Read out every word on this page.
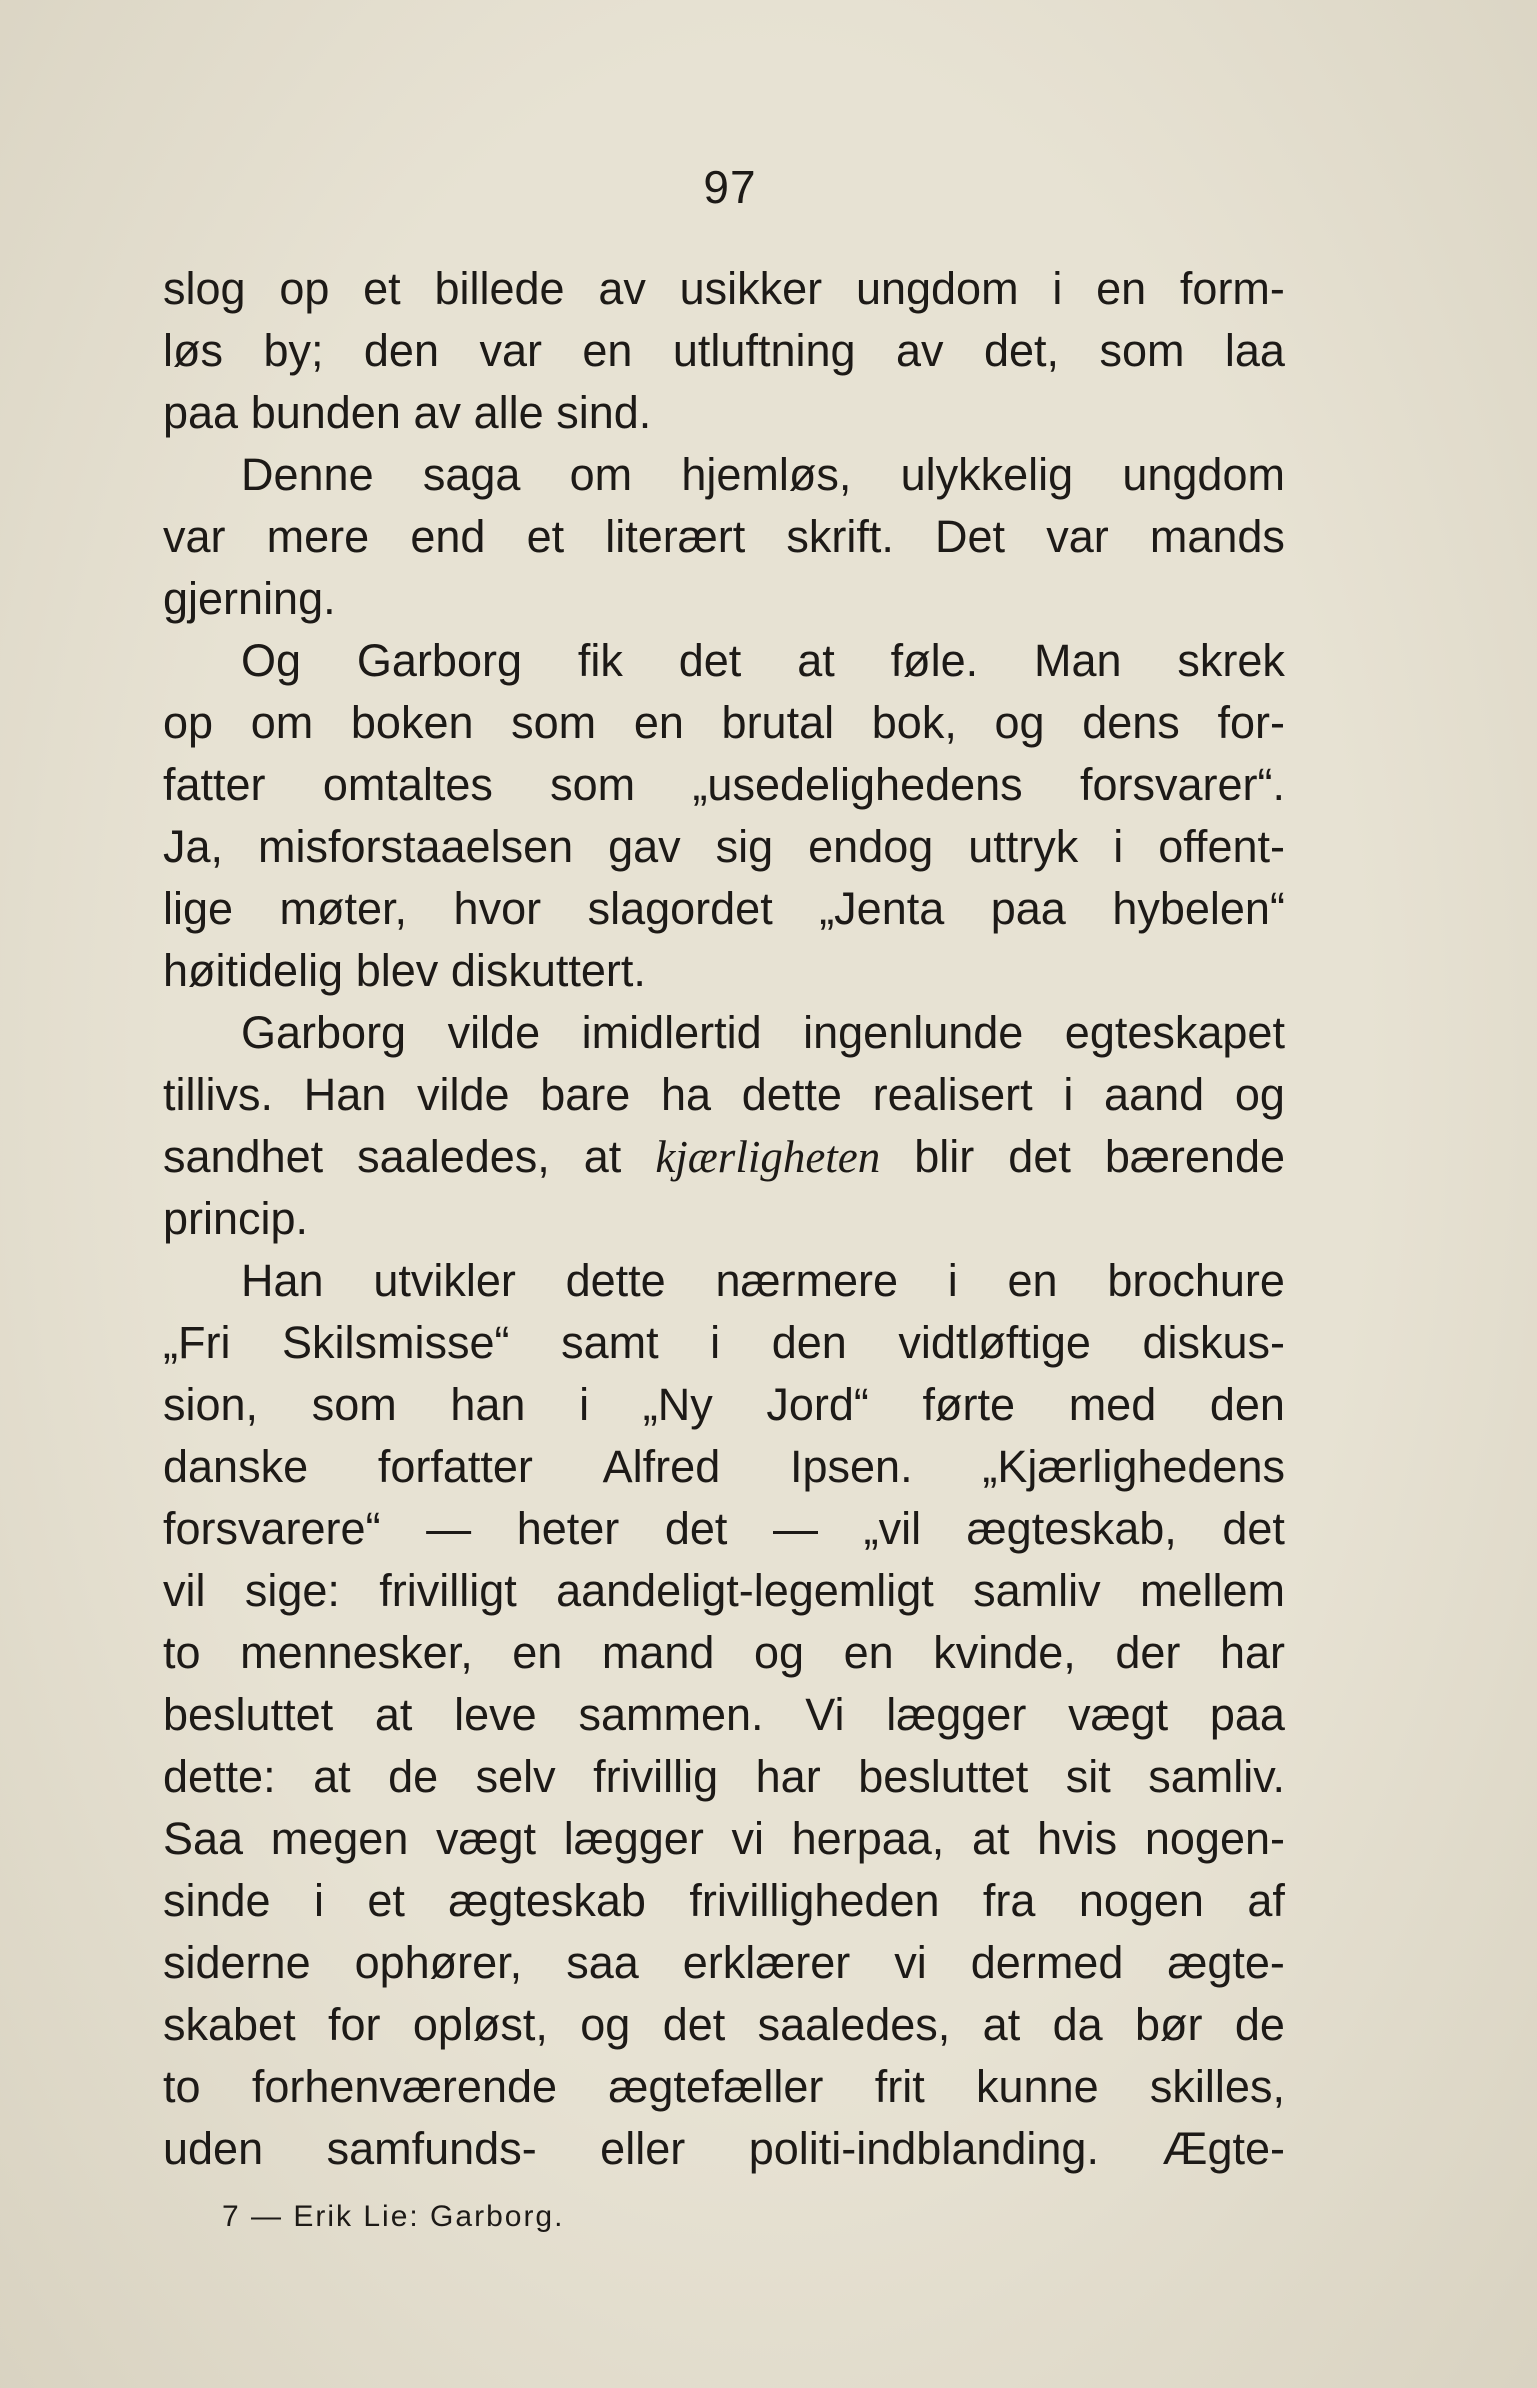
97
slog op et billede av usikker ungdom i en form-
løs by; den var en utluftning av det, som laa
paa bunden av alle sind.
Denne saga om hjemløs, ulykkelig ungdom
var mere end et literært skrift. Det var mands
gjerning.
Og Garborg fik det at føle. Man skrek
op om boken som en brutal bok, og dens for-
fatter omtaltes som „usedelighedens forsvarer“.
Ja, misforstaaelsen gav sig endog uttryk i offent-
lige møter, hvor slagordet „Jenta paa hybelen“
høitidelig blev diskuttert.
Garborg vilde imidlertid ingenlunde egteskapet
tillivs. Han vilde bare ha dette realisert i aand og
sandhet saaledes, at kjærligheten blir det bærende
princip.
Han utvikler dette nærmere i en brochure
„Fri Skilsmisse“ samt i den vidtløftige diskus-
sion, som han i „Ny Jord“ førte med den
danske forfatter Alfred Ipsen. „Kjærlighedens
forsvarere“ — heter det — „vil ægteskab, det
vil sige: frivilligt aandeligt-legemligt samliv mellem
to mennesker, en mand og en kvinde, der har
besluttet at leve sammen. Vi lægger vægt paa
dette: at de selv frivillig har besluttet sit samliv.
Saa megen vægt lægger vi herpaa, at hvis nogen-
sinde i et ægteskab frivilligheden fra nogen af
siderne ophører, saa erklærer vi dermed ægte-
skabet for opløst, og det saaledes, at da bør de
to forhenværende ægtefæller frit kunne skilles,
uden samfunds- eller politi-indblanding. Ægte-
7 — Erik Lie: Garborg.
